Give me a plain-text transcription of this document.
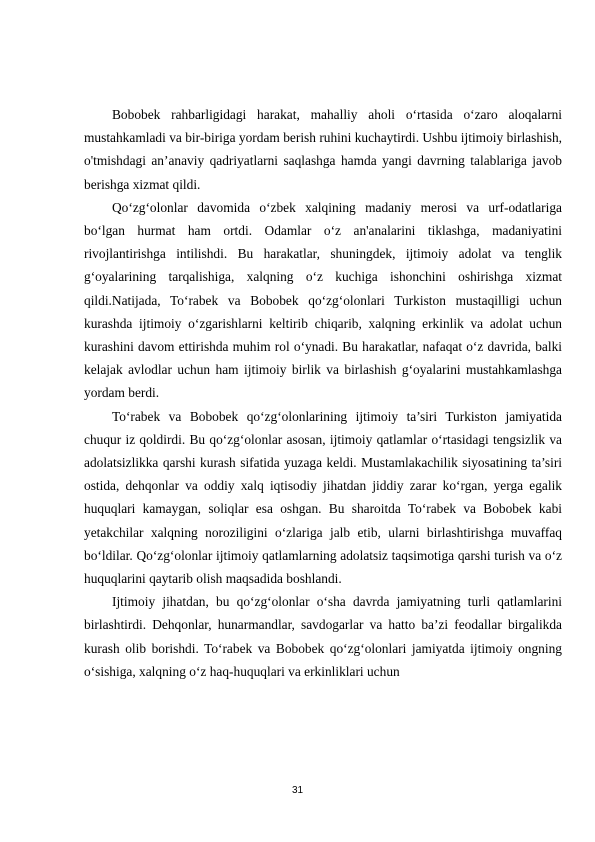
Bobobek rahbarligidagi harakat, mahalliy aholi o‘rtasida o‘zaro aloqalarni mustahkamladi va bir-biriga yordam berish ruhini kuchaytirdi. Ushbu ijtimoiy birlashish, o'tmishdagi an’anaviy qadriyatlarni saqlashga hamda yangi davrning talablariga javob berishga xizmat qildi.

Qo‘zg‘olonlar davomida o‘zbek xalqining madaniy merosi va urf-odatlariga bo‘lgan hurmat ham ortdi. Odamlar o‘z an'analarini tiklashga, madaniyatini rivojlantirishga intilishdi. Bu harakatlar, shuningdek, ijtimoiy adolat va tenglik g‘oyalarining tarqalishiga, xalqning o‘z kuchiga ishonchini oshirishga xizmat qildi.Natijada, To‘rabek va Bobobek qo‘zg‘olonlari Turkiston mustaqilligi uchun kurashda ijtimoiy o‘zgarishlarni keltirib chiqarib, xalqning erkinlik va adolat uchun kurashini davom ettirishda muhim rol o‘ynadi. Bu harakatlar, nafaqat o‘z davrida, balki kelajak avlodlar uchun ham ijtimoiy birlik va birlashish g‘oyalarini mustahkamlashga yordam berdi.

To‘rabek va Bobobek qo‘zg‘olonlarining ijtimoiy ta’siri Turkiston jamiyatida chuqur iz qoldirdi. Bu qo‘zg‘olonlar asosan, ijtimoiy qatlamlar o‘rtasidagi tengsizlik va adolatsizlikka qarshi kurash sifatida yuzaga keldi. Mustamlakachilik siyosatining ta’siri ostida, dehqonlar va oddiy xalq iqtisodiy jihatdan jiddiy zarar ko‘rgan, yerga egalik huquqlari kamaygan, soliqlar esa oshgan. Bu sharoitda To‘rabek va Bobobek kabi yetakchilar xalqning noroziligini o‘zlariga jalb etib, ularni birlashtirishga muvaffaq bo‘ldilar. Qo‘zg‘olonlar ijtimoiy qatlamlarning adolatsiz taqsimotiga qarshi turish va o‘z huquqlarini qaytarib olish maqsadida boshlandi.

Ijtimoiy jihatdan, bu qo‘zg‘olonlar o‘sha davrda jamiyatning turli qatlamlarini birlashtirdi. Dehqonlar, hunarmandlar, savdogarlar va hatto ba’zi feodallar birgalikda kurash olib borishdi. To‘rabek va Bobobek qo‘zg‘olonlari jamiyatda ijtimoiy ongning o‘sishiga, xalqning o‘z haq-huquqlari va erkinliklari uchun

31
